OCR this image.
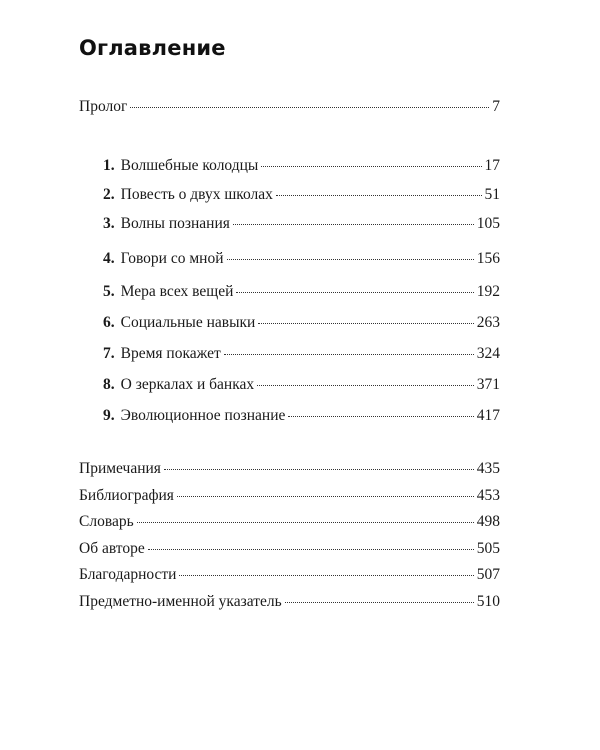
Оглавление
Пролог	7
1. Волшебные колодцы	17
2. Повесть о двух школах	51
3. Волны познания	105
4. Говори со мной	156
5. Мера всех вещей	192
6. Социальные навыки	263
7. Время покажет	324
8. О зеркалах и банках	371
9. Эволюционное познание	417
Примечания	435
Библиография	453
Словарь	498
Об авторе	505
Благодарности	507
Предметно-именной указатель	510
